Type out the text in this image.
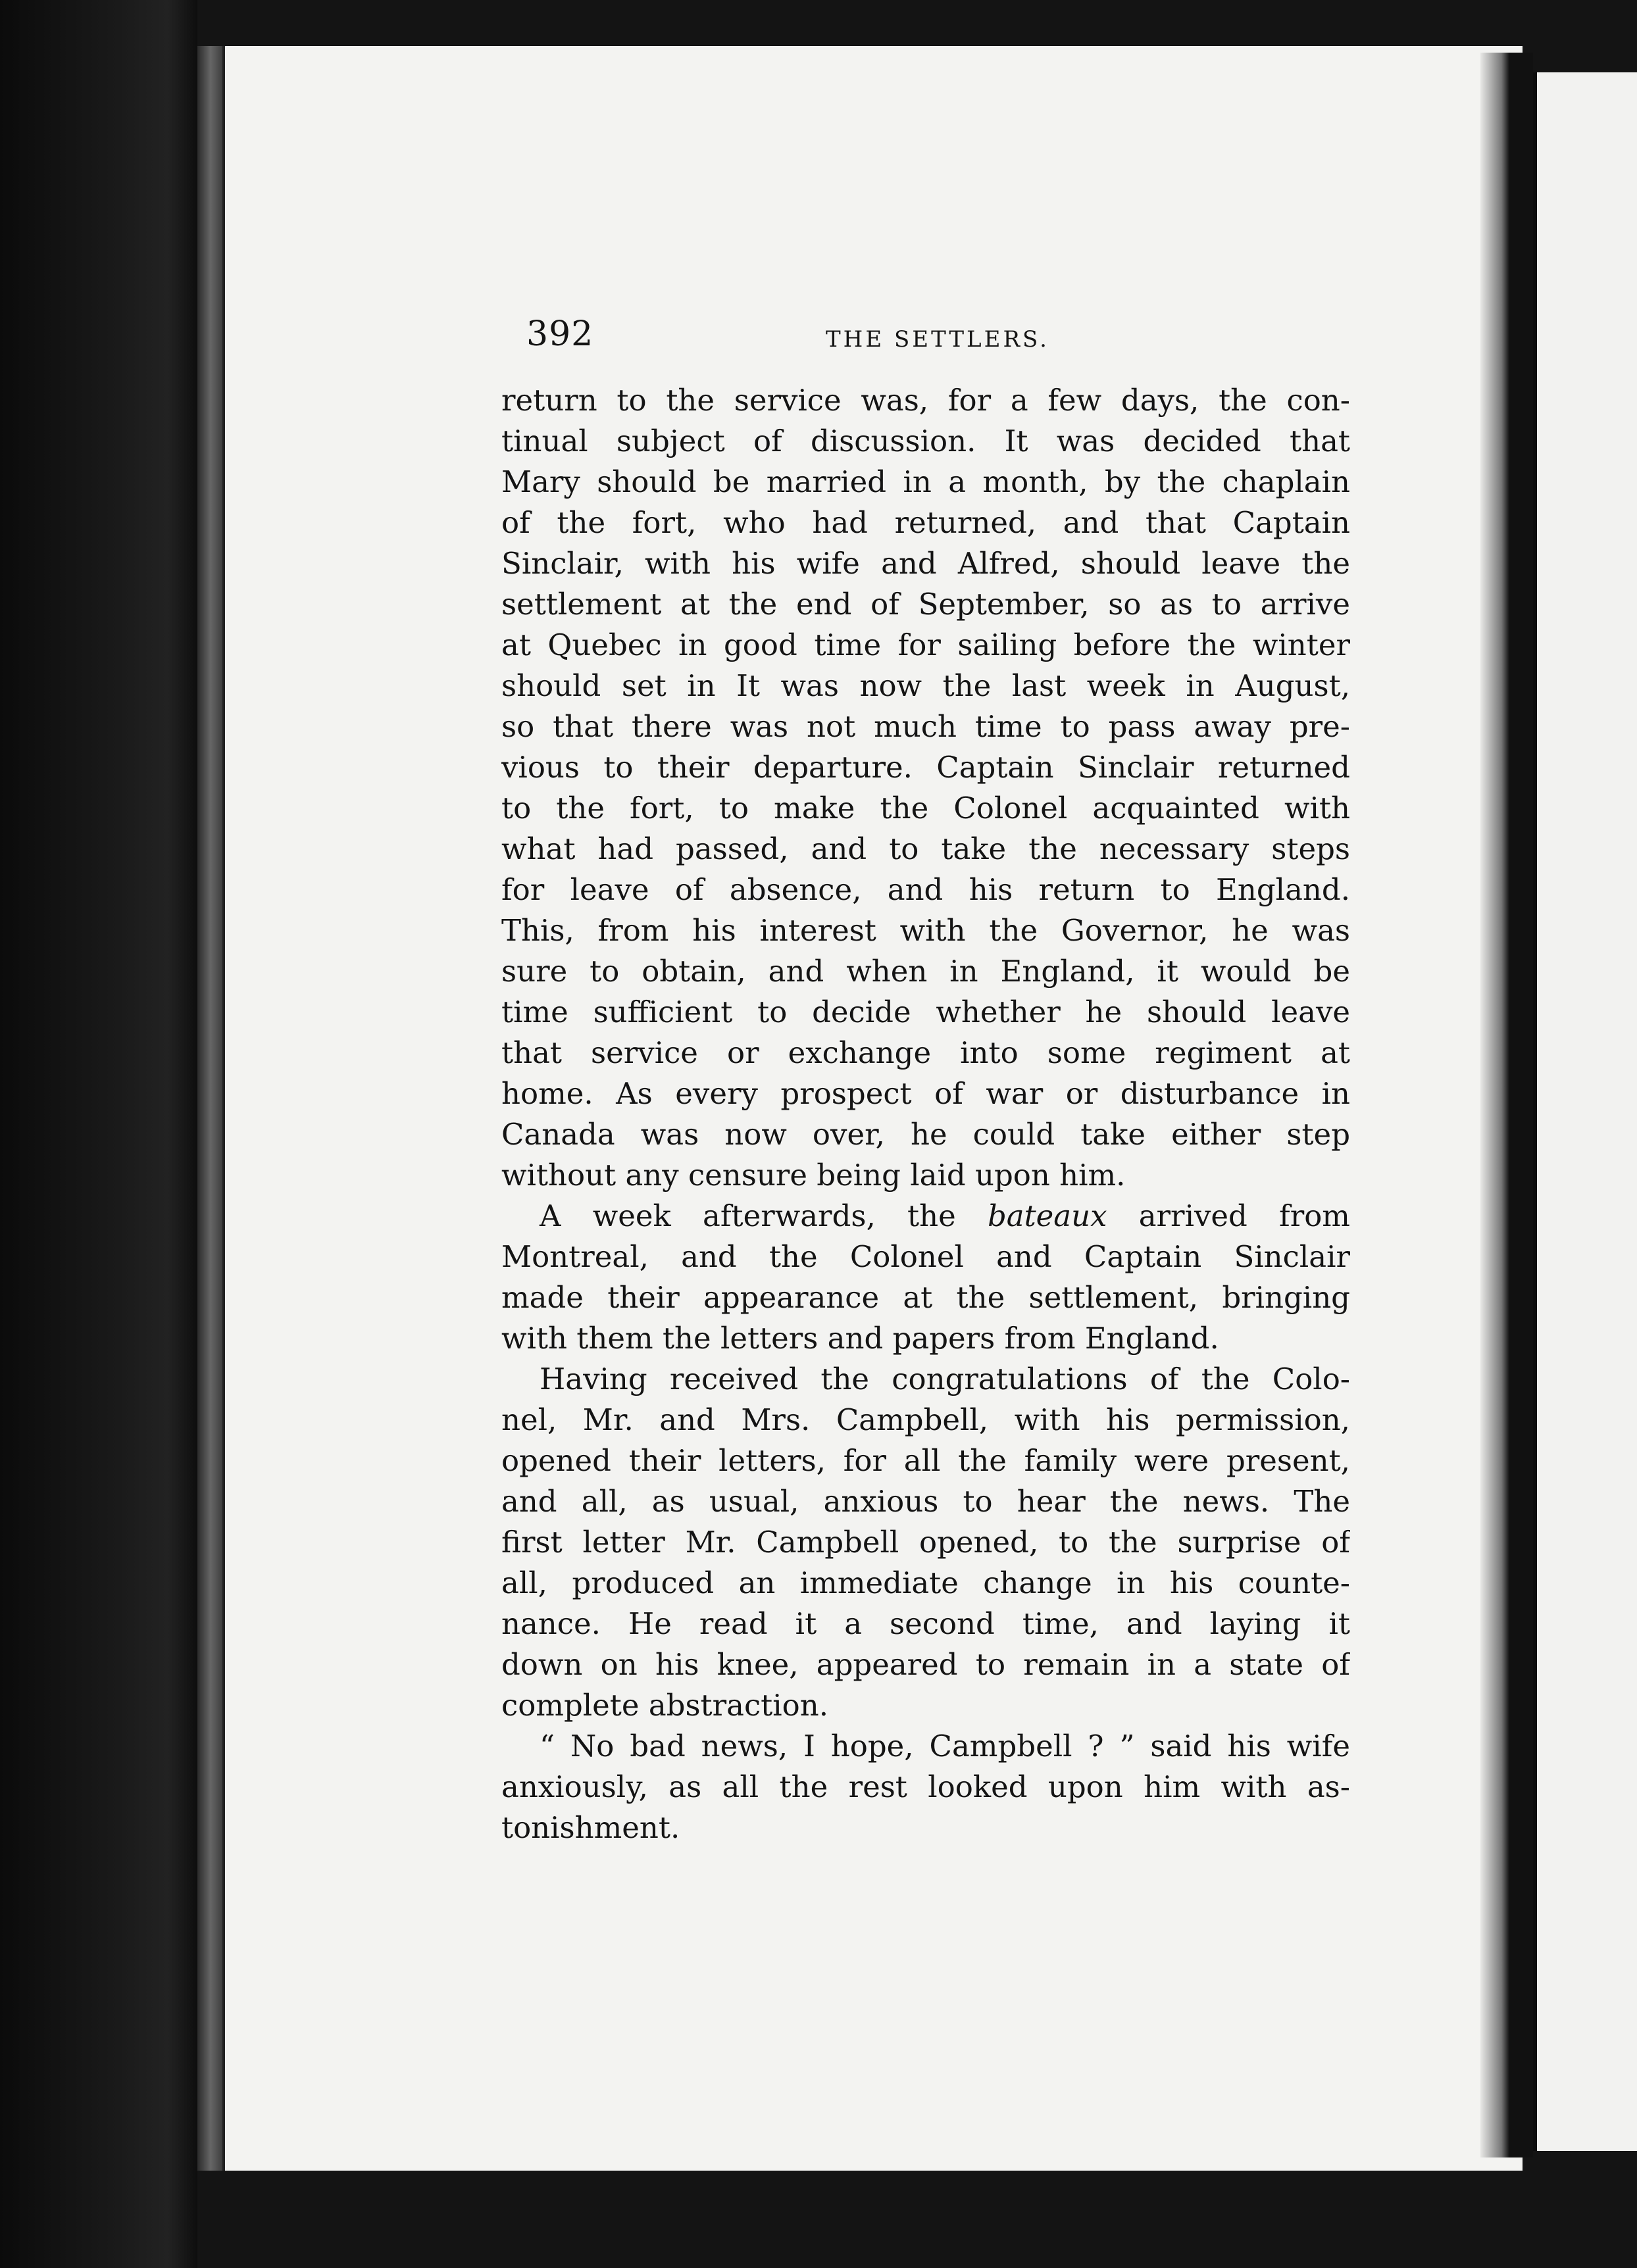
392	THE SETTLERS.
return to the service was, for a few days, the con-
tinual subject of discussion. It was decided that
Mary should be married in a month, by the chaplain
of the fort, who had returned, and that Captain
Sinclair, with his wife and Alfred, should leave the
settlement at the end of September, so as to arrive
at Quebec in good time for sailing before the winter
should set in It was now the last week in August,
so that there was not much time to pass away pre-
vious to their departure. Captain Sinclair returned
to the fort, to make the Colonel acquainted with
what had passed, and to take the necessary steps
for leave of absence, and his return to England.
This, from his interest with the Governor, he was
sure to obtain, and when in England, it would be
time sufficient to decide whether he should leave
that service or exchange into some regiment at
home. As every prospect of war or disturbance in
Canada was now over, he could take either step
without any censure being laid upon him.
A week afterwards, the bateaux arrived from
Montreal, and the Colonel and Captain Sinclair
made their appearance at the settlement, bringing
with them the letters and papers from England.
Having received the congratulations of the Colo-
nel, Mr. and Mrs. Campbell, with his permission,
opened their letters, for all the family were present,
and all, as usual, anxious to hear the news. The
first letter Mr. Campbell opened, to the surprise of
all, produced an immediate change in his counte-
nance. He read it a second time, and laying it
down on his knee, appeared to remain in a state of
complete abstraction.
“ No bad news, I hope, Campbell ? ” said his wife
anxiously, as all the rest looked upon him with as-
tonishment.
